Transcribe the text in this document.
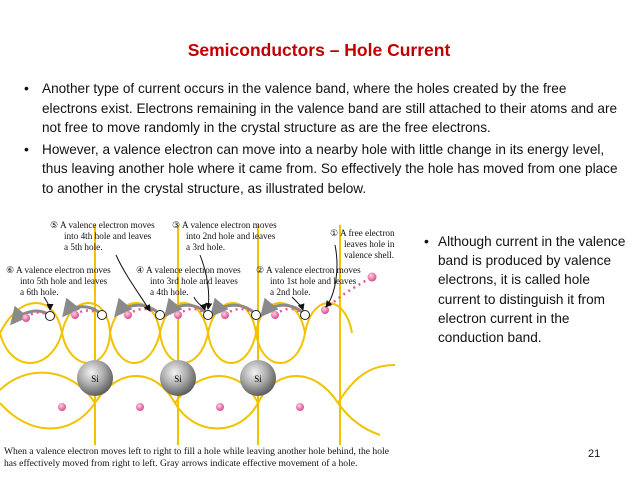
Semiconductors – Hole Current
• Another type of current occurs in the valence band, where the holes created by the free electrons exist. Electrons remaining in the valence band are still attached to their atoms and are not free to move randomly in the crystal structure as are the free electrons.
• However, a valence electron can move into a nearby hole with little change in its energy level, thus leaving another hole where it came from. So effectively the hole has moved from one place to another in the crystal structure, as illustrated below.
• Although current in the valence band is produced by valence electrons, it is called hole current to distinguish it from electron current in the conduction band.
Si	Si	Si
⑤ A valence electron moves
into 4th hole and leaves
a 5th hole.
③ A valence electron moves
into 2nd hole and leaves
a 3rd hole.
① A free electron
leaves hole in
valence shell.
⑥ A valence electron moves
into 5th hole and leaves
a 6th hole.
④ A valence electron moves
into 3rd hole and leaves
a 4th hole.
② A valence electron moves
into 1st hole and leaves
a 2nd hole.
When a valence electron moves left to right to fill a hole while leaving another hole behind, the hole
has effectively moved from right to left. Gray arrows indicate effective movement of a hole.
21
